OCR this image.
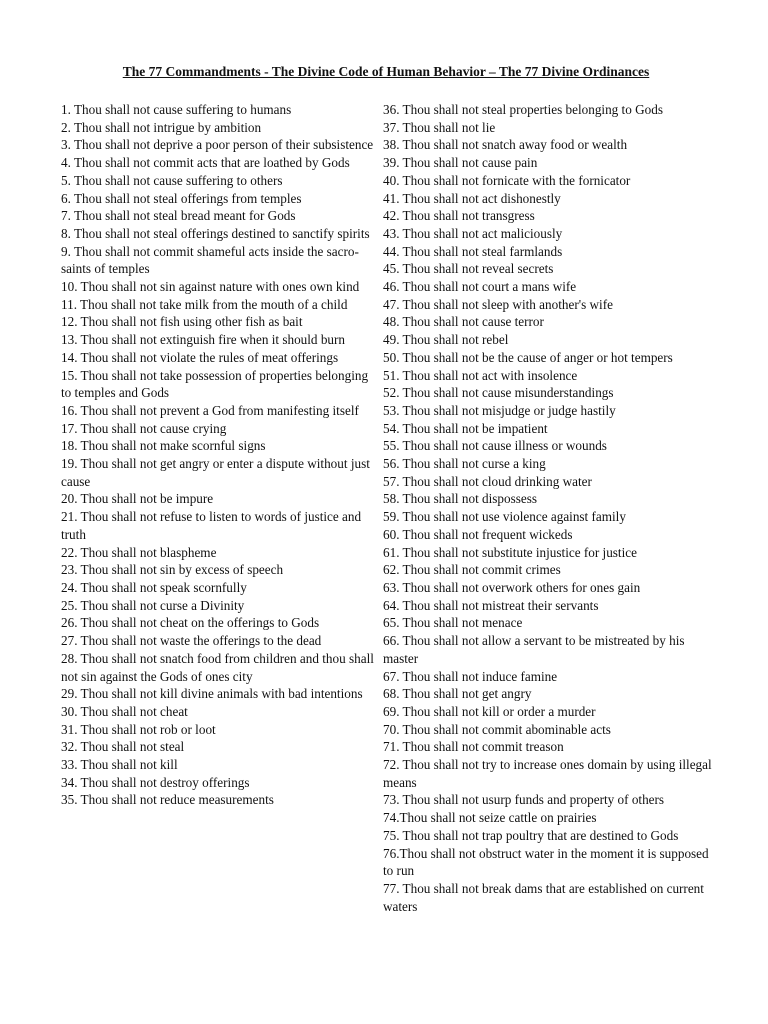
The 77 Commandments - The Divine Code of Human Behavior – The 77 Divine Ordinances

1. Thou shall not cause suffering to humans

2. Thou shall not intrigue by ambition

3. Thou shall not deprive a poor person of their subsistence

4. Thou shall not commit acts that are loathed by Gods

5. Thou shall not cause suffering to others

6. Thou shall not steal offerings from temples

7. Thou shall not steal bread meant for Gods

8. Thou shall not steal offerings destined to sanctify spirits

9. Thou shall not commit shameful acts inside the sacro-saints of temples

10. Thou shall not sin against nature with ones own kind

11. Thou shall not take milk from the mouth of a child

12. Thou shall not fish using other fish as bait

13. Thou shall not extinguish fire when it should burn

14. Thou shall not violate the rules of meat offerings

15. Thou shall not take possession of properties belonging to temples and Gods

16. Thou shall not prevent a God from manifesting itself

17. Thou shall not cause crying

18. Thou shall not make scornful signs

19. Thou shall not get angry or enter a dispute without just cause

20. Thou shall not be impure

21. Thou shall not refuse to listen to words of justice and truth

22. Thou shall not blaspheme

23. Thou shall not sin by excess of speech

24. Thou shall not speak scornfully

25. Thou shall not curse a Divinity

26. Thou shall not cheat on the offerings to Gods

27. Thou shall not waste the offerings to the dead

28. Thou shall not snatch food from children and thou shall not sin against the Gods of ones city

29. Thou shall not kill divine animals with bad intentions

30. Thou shall not cheat

31. Thou shall not rob or loot

32. Thou shall not steal

33. Thou shall not kill

34. Thou shall not destroy offerings

35. Thou shall not reduce measurements

36. Thou shall not steal properties belonging to Gods

37. Thou shall not lie

38. Thou shall not snatch away food or wealth

39. Thou shall not cause pain

40. Thou shall not fornicate with the fornicator

41. Thou shall not act dishonestly

42. Thou shall not transgress

43. Thou shall not act maliciously

44. Thou shall not steal farmlands

45. Thou shall not reveal secrets

46. Thou shall not court a mans wife

47. Thou shall not sleep with another's wife

48. Thou shall not cause terror

49. Thou shall not rebel

50. Thou shall not be the cause of anger or hot tempers

51. Thou shall not act with insolence

52. Thou shall not cause misunderstandings

53. Thou shall not misjudge or judge hastily

54. Thou shall not be impatient

55. Thou shall not cause illness or wounds

56. Thou shall not curse a king

57. Thou shall not cloud drinking water

58. Thou shall not dispossess

59. Thou shall not use violence against family

60. Thou shall not frequent wickeds

61. Thou shall not substitute injustice for justice

62. Thou shall not commit crimes

63. Thou shall not overwork others for ones gain

64. Thou shall not mistreat their servants

65. Thou shall not menace

66. Thou shall not allow a servant to be mistreated by his master

67. Thou shall not induce famine

68. Thou shall not get angry

69. Thou shall not kill or order a murder

70. Thou shall not commit abominable acts

71. Thou shall not commit treason

72. Thou shall not try to increase ones domain by using illegal means

73. Thou shall not usurp funds and property of others

74.Thou shall not seize cattle on prairies

75. Thou shall not trap poultry that are destined to Gods

76.Thou shall not obstruct water in the moment it is supposed to run

77. Thou shall not break dams that are established on current waters
